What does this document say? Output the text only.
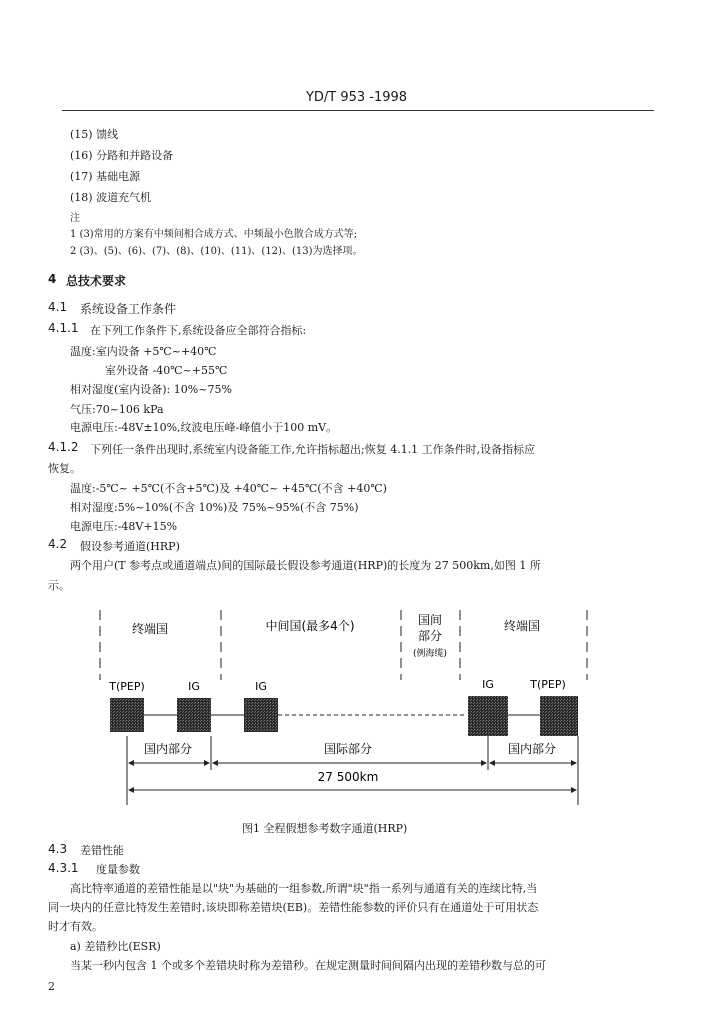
YD/T 953 -1998
(15) 馈线
(16) 分路和并路设备
(17) 基础电源
(18) 波道充气机
注
1 (3)常用的方案有中频间相合成方式、中频最小色散合成方式等;
2 (3)、(5)、(6)、(7)、(8)、(10)、(11)、(12)、(13)为选择项。
4 总技术要求
4.1 系统设备工作条件
4.1.1 在下列工作条件下,系统设备应全部符合指标:
温度:室内设备 +5℃~+40℃
室外设备 -40℃~+55℃
相对湿度(室内设备): 10%~75%
气压:70~106 kPa
电源电压:-48V±10%,纹波电压峰-峰值小于100 mV。
4.1.2 下列任一条件出现时,系统室内设备能工作,允许指标超出;恢复 4.1.1 工作条件时,设备指标应
恢复。
温度:-5℃~ +5℃(不含+5℃)及 +40℃~ +45℃(不含 +40℃)
相对湿度:5%~10%(不含 10%)及 75%~95%(不含 75%)
电源电压:-48V+15%
4.2 假设参考通道(HRP)
两个用户(T 参考点或通道端点)间的国际最长假设参考通道(HRP)的长度为 27 500km,如图 1 所
示。
终端国	中间国(最多4个)	国间
部分
(例海缆)
终端国
T(PEP)	IG	IG	IG	T(PEP)
国内部分	国际部分	国内部分
27 500km
图1 全程假想参考数字通道(HRP)
4.3 差错性能
4.3.1 度量参数
高比特率通道的差错性能是以"块"为基础的一组参数,所谓"块"指一系列与通道有关的连续比特,当
同一块内的任意比特发生差错时,该块即称差错块(EB)。差错性能参数的评价只有在通道处于可用状态
时才有效。
a) 差错秒比(ESR)
当某一秒内包含 1 个或多个差错块时称为差错秒。在规定测量时间间隔内出现的差错秒数与总的可
2
